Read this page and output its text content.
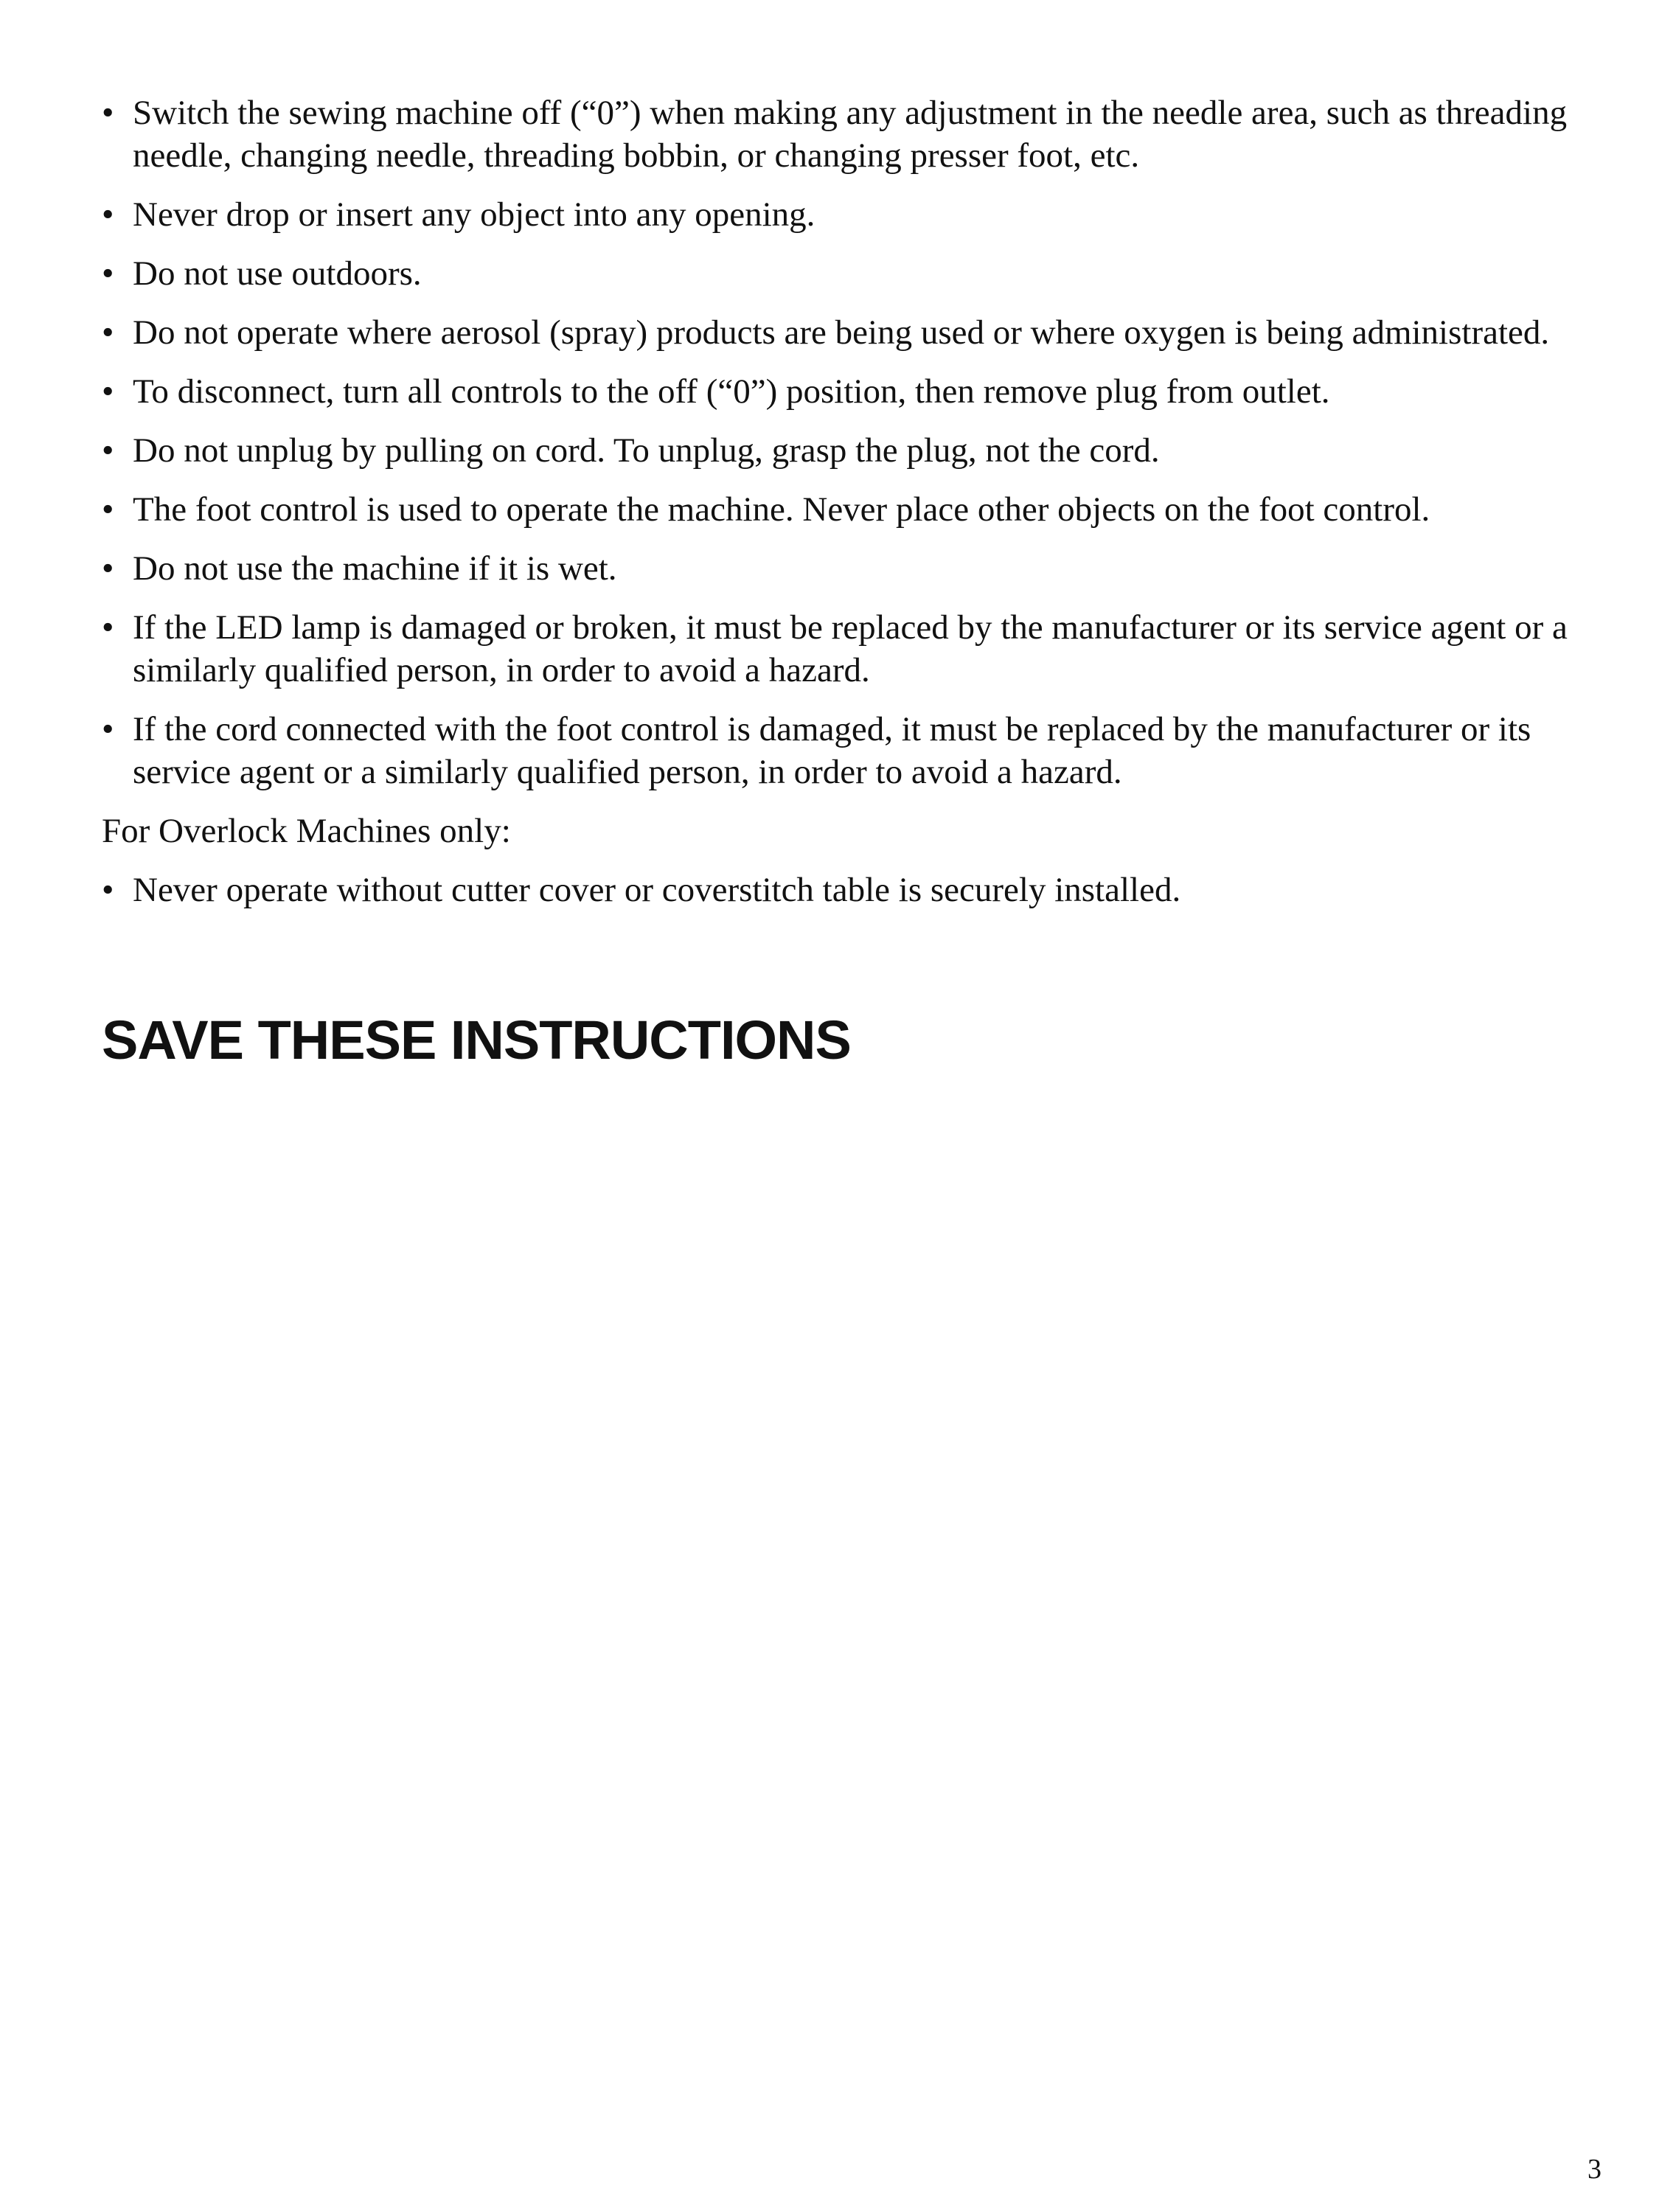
• Switch the sewing machine off (“0”) when making any adjustment in the needle area, such as threading needle, changing needle, threading bobbin, or changing presser foot, etc.
• Never drop or insert any object into any opening.
• Do not use outdoors.
• Do not operate where aerosol (spray) products are being used or where oxygen is being administrated.
• To disconnect, turn all controls to the off (“0”) position, then remove plug from outlet.
• Do not unplug by pulling on cord. To unplug, grasp the plug, not the cord.
• The foot control is used to operate the machine. Never place other objects on the foot control.
• Do not use the machine if it is wet.
• If the LED lamp is damaged or broken, it must be replaced by the manufacturer or its service agent or a similarly qualified person, in order to avoid a hazard.
• If the cord connected with the foot control is damaged, it must be replaced by the manufacturer or its service agent or a similarly qualified person, in order to avoid a hazard.

For Overlock Machines only:

• Never operate without cutter cover or coverstitch table is securely installed.
SAVE THESE INSTRUCTIONS
3
